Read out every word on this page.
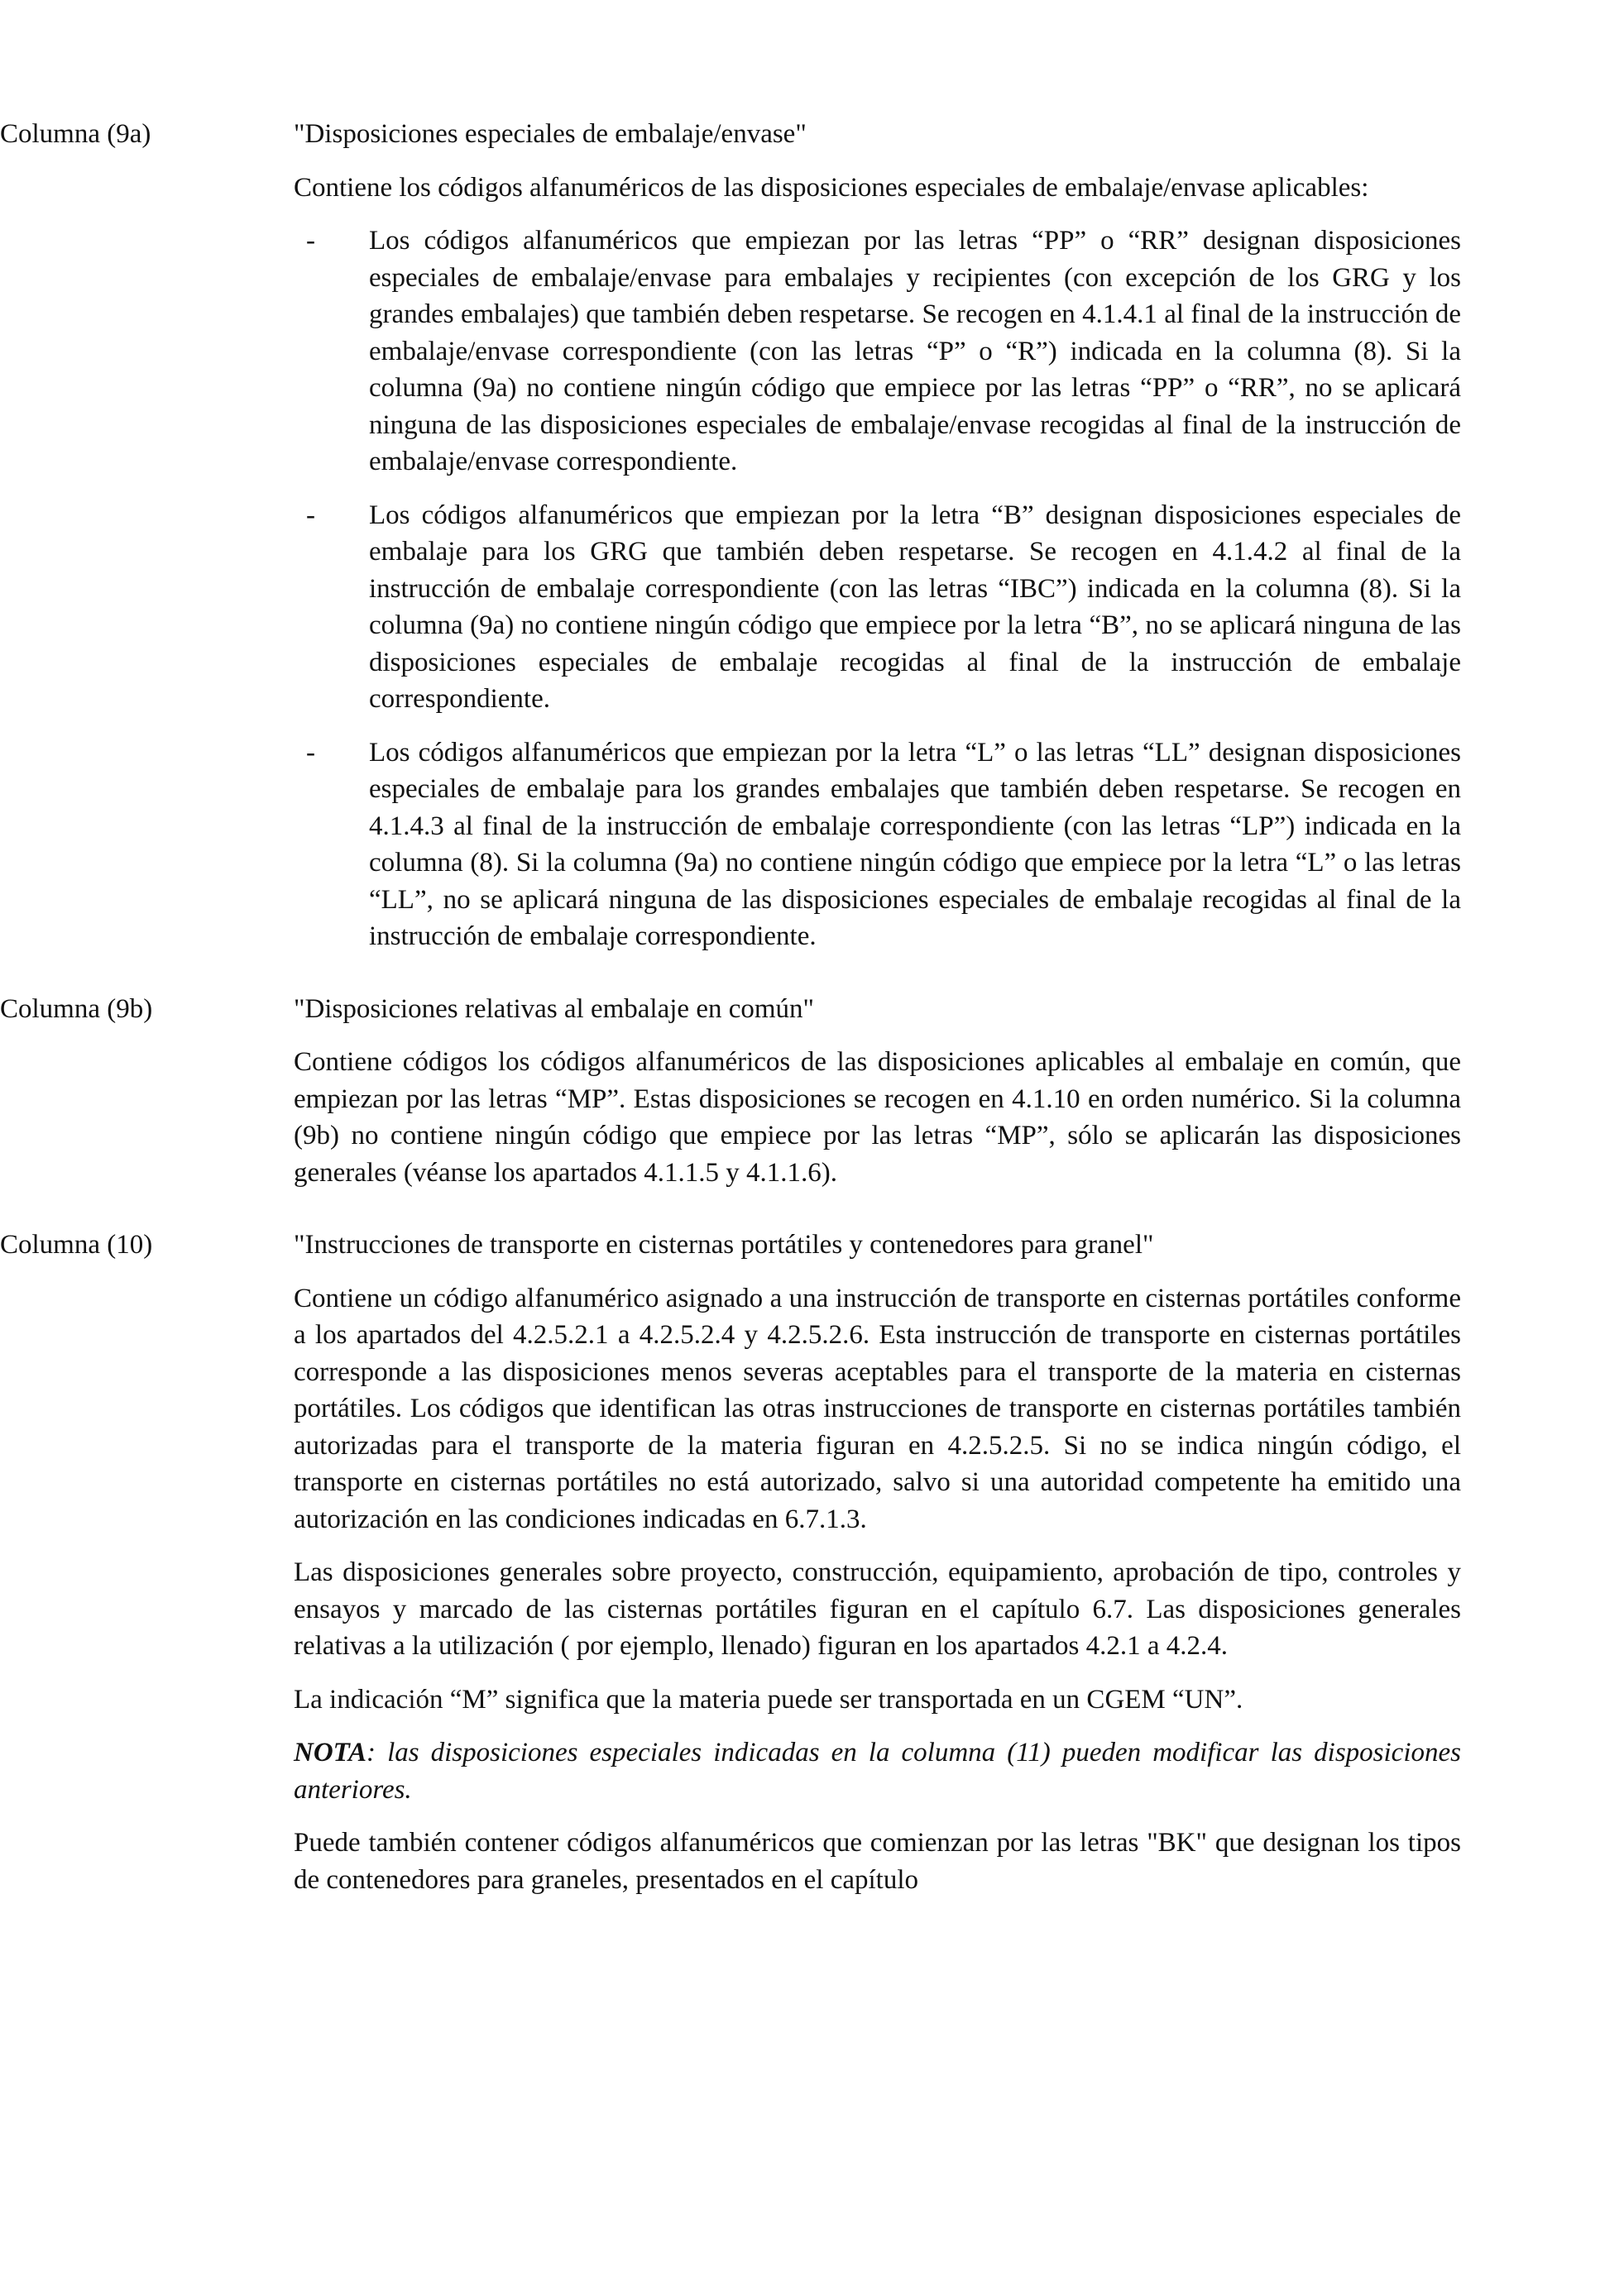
Columna (9a)	"Disposiciones especiales de embalaje/envase"

Contiene los códigos alfanuméricos de las disposiciones especiales de embalaje/envase aplicables:

- Los códigos alfanuméricos que empiezan por las letras “PP” o “RR” designan disposiciones especiales de embalaje/envase para embalajes y recipientes (con excepción de los GRG y los grandes embalajes) que también deben respetarse. Se recogen en 4.1.4.1 al final de la instrucción de embalaje/envase correspondiente (con las letras “P” o “R”) indicada en la columna (8). Si la columna (9a) no contiene ningún código que empiece por las letras “PP” o “RR”, no se aplicará ninguna de las disposiciones especiales de embalaje/envase recogidas al final de la instrucción de embalaje/envase correspondiente.
- Los códigos alfanuméricos que empiezan por la letra “B” designan disposiciones especiales de embalaje para los GRG que también deben respetarse. Se recogen en 4.1.4.2 al final de la instrucción de embalaje correspondiente (con las letras “IBC”) indicada en la columna (8). Si la columna (9a) no contiene ningún código que empiece por la letra “B”, no se aplicará ninguna de las disposiciones especiales de embalaje recogidas al final de la instrucción de embalaje correspondiente.
- Los códigos alfanuméricos que empiezan por la letra “L” o las letras “LL” designan disposiciones especiales de embalaje para los grandes embalajes que también deben respetarse. Se recogen en 4.1.4.3 al final de la instrucción de embalaje correspondiente (con las letras “LP”) indicada en la columna (8). Si la columna (9a) no contiene ningún código que empiece por la letra “L” o las letras “LL”, no se aplicará ninguna de las disposiciones especiales de embalaje recogidas al final de la instrucción de embalaje correspondiente.
Columna (9b)	"Disposiciones relativas al embalaje en común"

Contiene códigos los códigos alfanuméricos de las disposiciones aplicables al embalaje en común, que empiezan por las letras “MP”. Estas disposiciones se recogen en 4.1.10 en orden numérico. Si la columna (9b) no contiene ningún código que empiece por las letras “MP”, sólo se aplicarán las disposiciones generales (véanse los apartados 4.1.1.5 y 4.1.1.6).

Columna (10)	"Instrucciones de transporte en cisternas portátiles y contenedores para granel"

Contiene un código alfanumérico asignado a una instrucción de transporte en cisternas portátiles conforme a los apartados del 4.2.5.2.1 a 4.2.5.2.4 y 4.2.5.2.6. Esta instrucción de transporte en cisternas portátiles corresponde a las disposiciones menos severas aceptables para el transporte de la materia en cisternas portátiles. Los códigos que identifican las otras instrucciones de transporte en cisternas portátiles también autorizadas para el transporte de la materia figuran en 4.2.5.2.5. Si no se indica ningún código, el transporte en cisternas portátiles no está autorizado, salvo si una autoridad competente ha emitido una autorización en las condiciones indicadas en 6.7.1.3.

Las disposiciones generales sobre proyecto, construcción, equipamiento, aprobación de tipo, controles y ensayos y marcado de las cisternas portátiles figuran en el capítulo 6.7. Las disposiciones generales relativas a la utilización ( por ejemplo, llenado) figuran en los apartados 4.2.1 a 4.2.4.

La indicación “M” significa que la materia puede ser transportada en un CGEM “UN”.

NOTA: las disposiciones especiales indicadas en la columna (11) pueden modificar las disposiciones anteriores.

Puede también contener códigos alfanuméricos que comienzan por las letras "BK" que designan los tipos de contenedores para graneles, presentados en el capítulo
